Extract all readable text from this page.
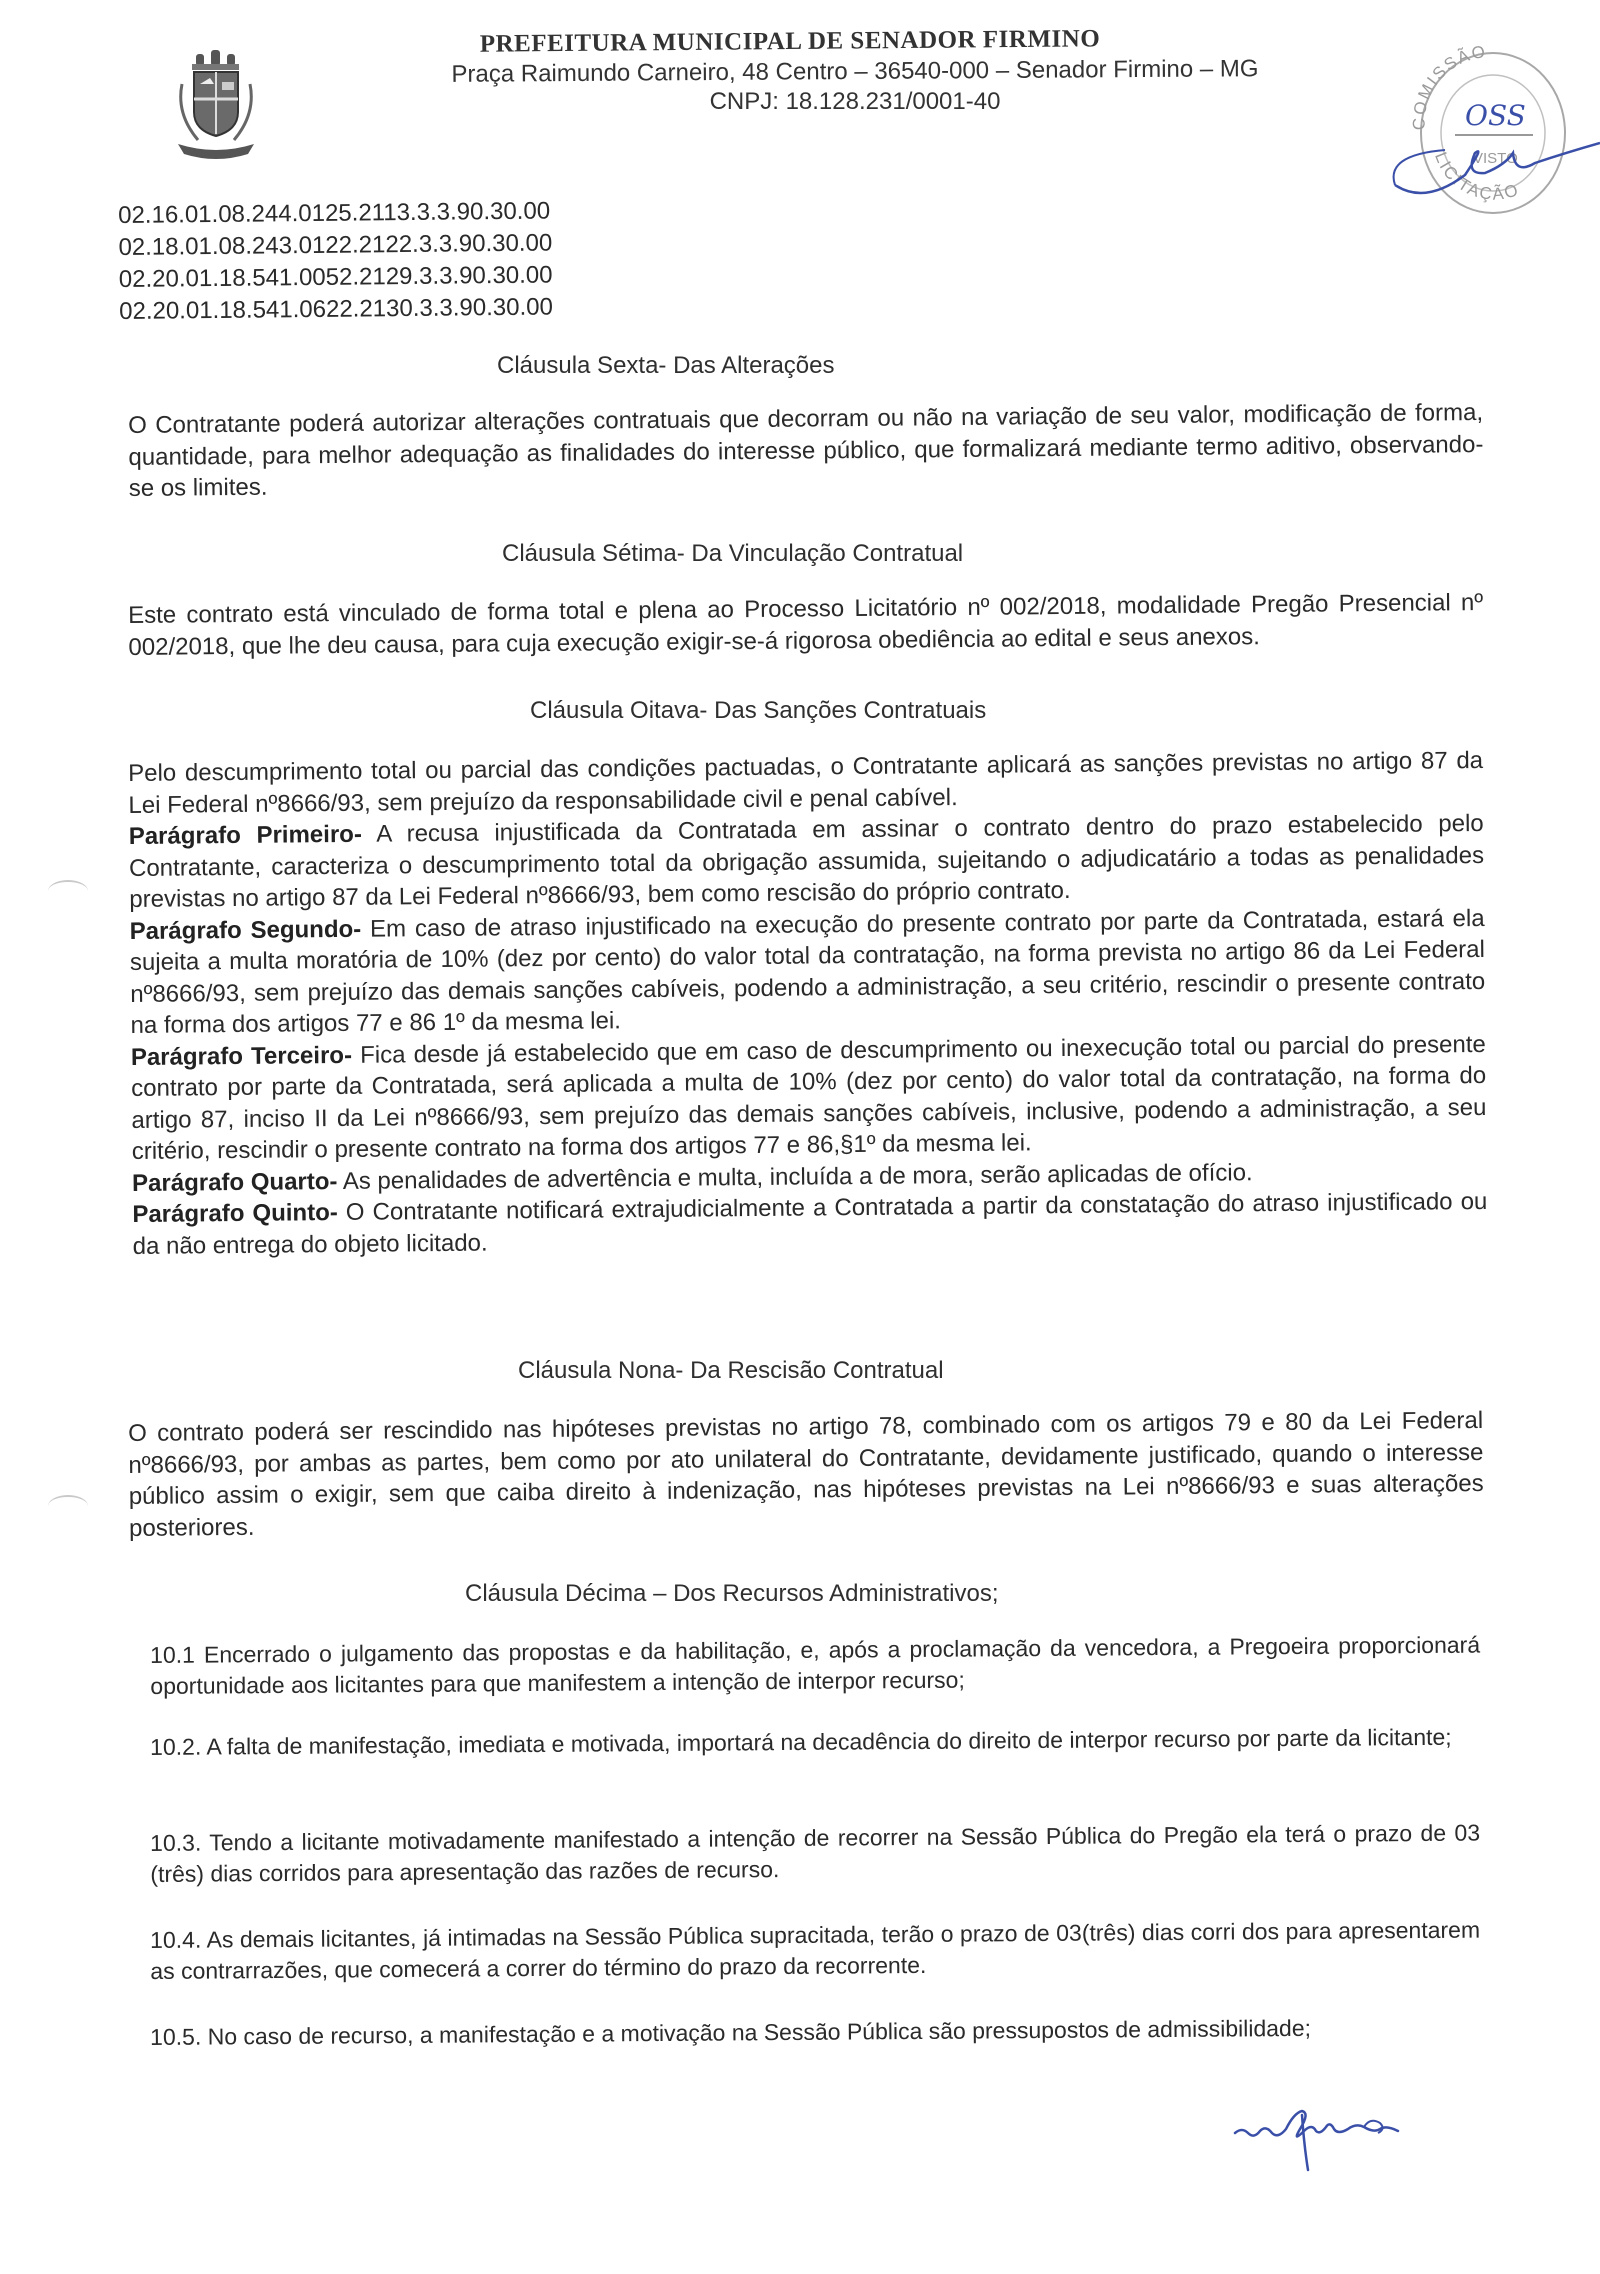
PREFEITURA MUNICIPAL DE SENADOR FIRMINO
Praça Raimundo Carneiro, 48 Centro – 36540-000 – Senador Firmino – MG
CNPJ: 18.128.231/0001-40
COMISSÃO
LICITAÇÃO
OSS
VISTO
02.16.01.08.244.0125.2113.3.3.90.30.00
02.18.01.08.243.0122.2122.3.3.90.30.00
02.20.01.18.541.0052.2129.3.3.90.30.00
02.20.01.18.541.0622.2130.3.3.90.30.00
Cláusula Sexta- Das Alterações
O Contratante poderá autorizar alterações contratuais que decorram ou não na variação de seu valor, modificação de forma, quantidade, para melhor adequação as finalidades do interesse público, que formalizará mediante termo aditivo, observando-se os limites.
Cláusula Sétima- Da Vinculação Contratual
Este contrato está vinculado de forma total e plena ao Processo Licitatório nº 002/2018, modalidade Pregão Presencial nº 002/2018, que lhe deu causa, para cuja execução exigir-se-á rigorosa obediência ao edital e seus anexos.
Cláusula Oitava- Das Sanções Contratuais

Pelo descumprimento total ou parcial das condições pactuadas, o Contratante aplicará as sanções previstas no artigo 87 da Lei Federal nº8666/93, sem prejuízo da responsabilidade civil e penal cabível.

Parágrafo Primeiro- A recusa injustificada da Contratada em assinar o contrato dentro do prazo estabelecido pelo Contratante, caracteriza o descumprimento total da obrigação assumida, sujeitando o adjudicatário a todas as penalidades previstas no artigo 87 da Lei Federal nº8666/93, bem como rescisão do próprio contrato.

Parágrafo Segundo- Em caso de atraso injustificado na execução do presente contrato por parte da Contratada, estará ela sujeita a multa moratória de 10% (dez por cento) do valor total da contratação, na forma prevista no artigo 86 da Lei Federal nº8666/93, sem prejuízo das demais sanções cabíveis, podendo a administração, a seu critério, rescindir o presente contrato na forma dos artigos 77 e 86 1º da mesma lei.

Parágrafo Terceiro- Fica desde já estabelecido que em caso de descumprimento ou inexecução total ou parcial do presente contrato por parte da Contratada, será aplicada a multa de 10% (dez por cento) do valor total da contratação, na forma do artigo 87, inciso II da Lei nº8666/93, sem prejuízo das demais sanções cabíveis, inclusive, podendo a administração, a seu critério, rescindir o presente contrato na forma dos artigos 77 e 86,§1º da mesma lei.

Parágrafo Quarto- As penalidades de advertência e multa, incluída a de mora, serão aplicadas de ofício.

Parágrafo Quinto- O Contratante notificará extrajudicialmente a Contratada a partir da constatação do atraso injustificado ou da não entrega do objeto licitado.

Cláusula Nona- Da Rescisão Contratual
O contrato poderá ser rescindido nas hipóteses previstas no artigo 78, combinado com os artigos 79 e 80 da Lei Federal nº8666/93, por ambas as partes, bem como por ato unilateral do Contratante, devidamente justificado, quando o interesse público assim o exigir, sem que caiba direito à indenização, nas hipóteses previstas na Lei nº8666/93 e suas alterações posteriores.
Cláusula Décima – Dos Recursos Administrativos;
10.1 Encerrado o julgamento das propostas e da habilitação, e, após a proclamação da vencedora, a Pregoeira proporcionará oportunidade aos licitantes para que manifestem a intenção de interpor recurso;
10.2. A falta de manifestação, imediata e motivada, importará na decadência do direito de interpor recurso por parte da licitante;
10.3. Tendo a licitante motivadamente manifestado a intenção de recorrer na Sessão Pública do Pregão ela terá o prazo de 03 (três) dias corridos para apresentação das razões de recurso.
10.4. As demais licitantes, já intimadas na Sessão Pública supracitada, terão o prazo de 03(três) dias corri dos para apresentarem as contrarrazões, que comecerá a correr do término do prazo da recorrente.
10.5. No caso de recurso, a manifestação e a motivação na Sessão Pública são pressupostos de admissibilidade;
